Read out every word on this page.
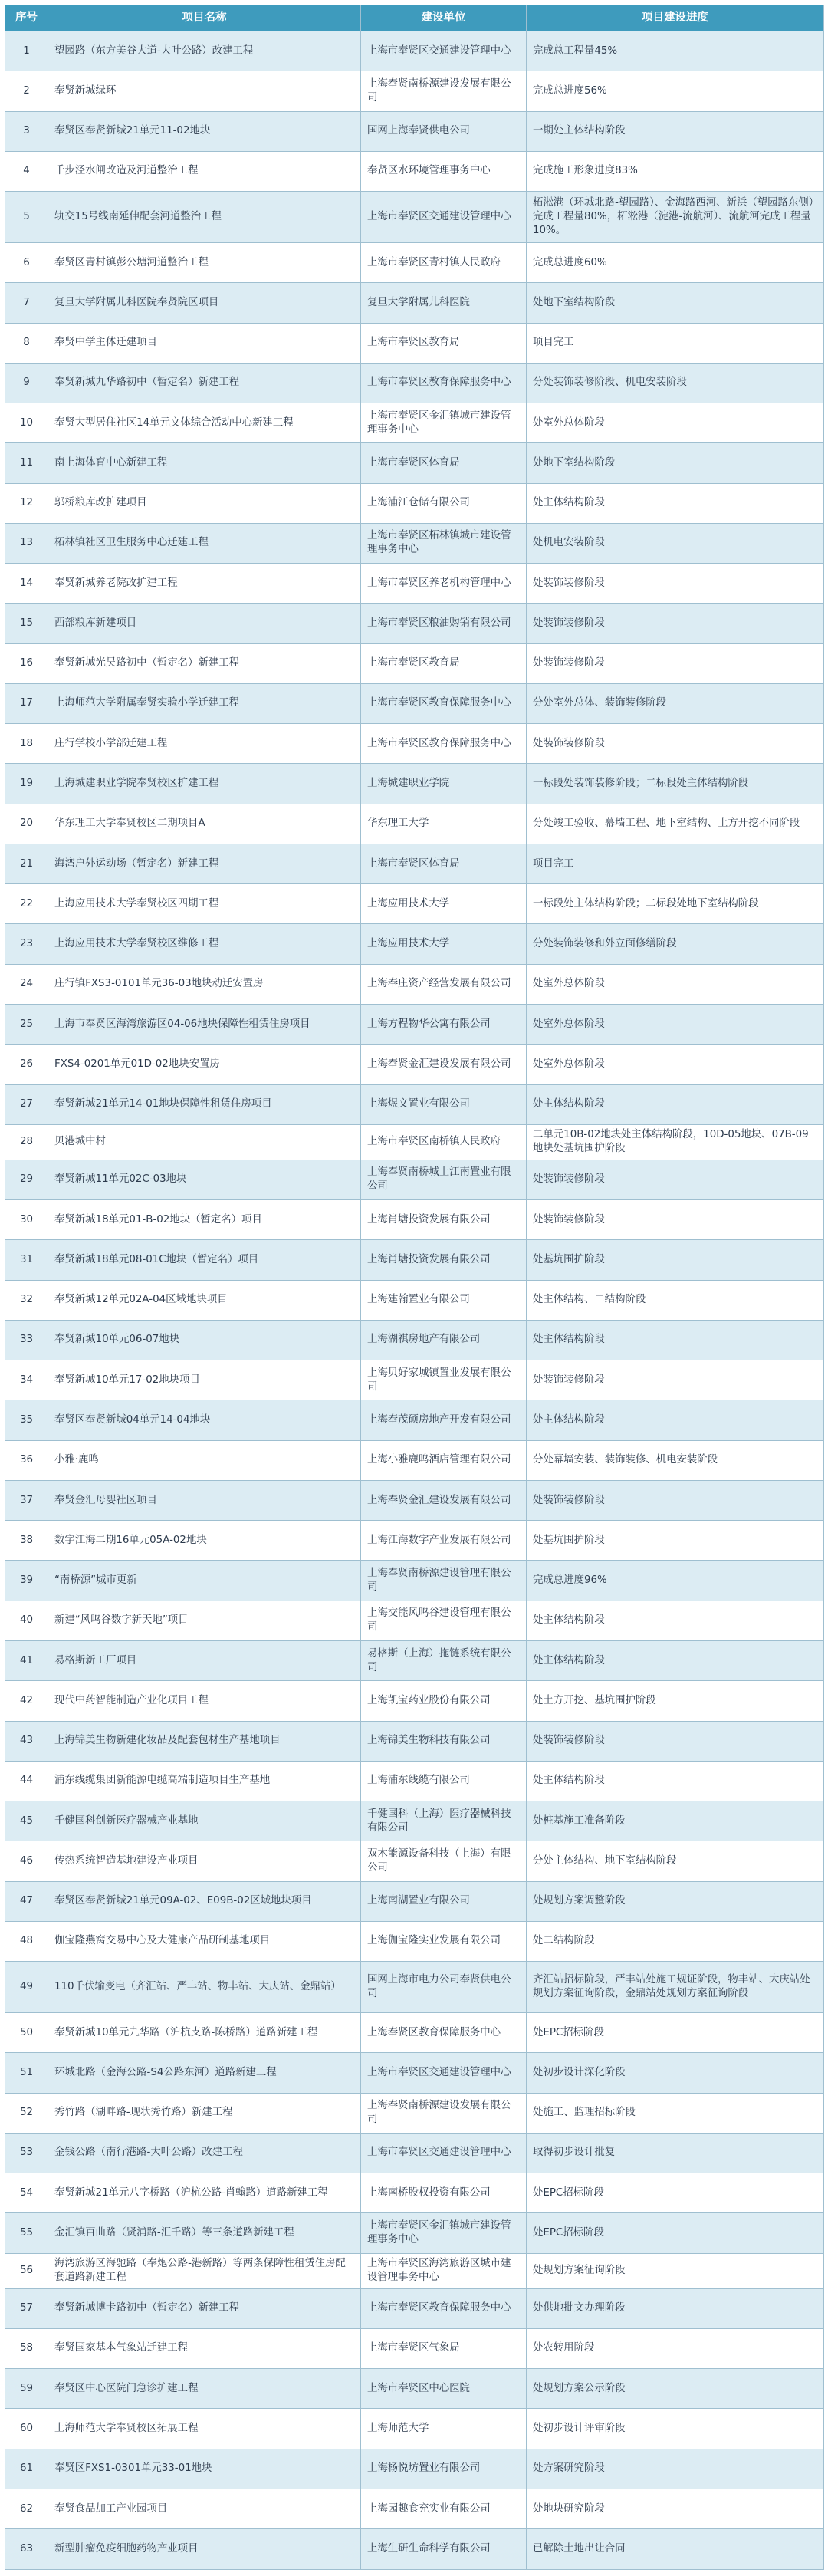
序号	项目名称	建设单位	项目建设进度
1	望园路（东方美谷大道-大叶公路）改建工程	上海市奉贤区交通建设管理中心	完成总工程量45%
2	奉贤新城绿环	上海奉贤南桥源建设发展有限公司	完成总进度56%
3	奉贤区奉贤新城21单元11-02地块	国网上海奉贤供电公司	一期处主体结构阶段
4	千步泾水闸改造及河道整治工程	奉贤区水环境管理事务中心	完成施工形象进度83%
5	轨交15号线南延伸配套河道整治工程	上海市奉贤区交通建设管理中心	柘淞港（环城北路-望园路）、金海路西河、新浜（望园路东侧）完成工程量80%，柘淞港（淀港-流航河）、流航河完成工程量10%。
6	奉贤区青村镇彭公塘河道整治工程	上海市奉贤区青村镇人民政府	完成总进度60%
7	复旦大学附属儿科医院奉贤院区项目	复旦大学附属儿科医院	处地下室结构阶段
8	奉贤中学主体迁建项目	上海市奉贤区教育局	项目完工
9	奉贤新城九华路初中（暂定名）新建工程	上海市奉贤区教育保障服务中心	分处装饰装修阶段、机电安装阶段
10	奉贤大型居住社区14单元文体综合活动中心新建工程	上海市奉贤区金汇镇城市建设管理事务中心	处室外总体阶段
11	南上海体育中心新建工程	上海市奉贤区体育局	处地下室结构阶段
12	邬桥粮库改扩建项目	上海浦江仓储有限公司	处主体结构阶段
13	柘林镇社区卫生服务中心迁建工程	上海市奉贤区柘林镇城市建设管理事务中心	处机电安装阶段
14	奉贤新城养老院改扩建工程	上海市奉贤区养老机构管理中心	处装饰装修阶段
15	西部粮库新建项目	上海市奉贤区粮油购销有限公司	处装饰装修阶段
16	奉贤新城光吴路初中（暂定名）新建工程	上海市奉贤区教育局	处装饰装修阶段
17	上海师范大学附属奉贤实验小学迁建工程	上海市奉贤区教育保障服务中心	分处室外总体、装饰装修阶段
18	庄行学校小学部迁建工程	上海市奉贤区教育保障服务中心	处装饰装修阶段
19	上海城建职业学院奉贤校区扩建工程	上海城建职业学院	一标段处装饰装修阶段；二标段处主体结构阶段
20	华东理工大学奉贤校区二期项目A	华东理工大学	分处竣工验收、幕墙工程、地下室结构、土方开挖不同阶段
21	海湾户外运动场（暂定名）新建工程	上海市奉贤区体育局	项目完工
22	上海应用技术大学奉贤校区四期工程	上海应用技术大学	一标段处主体结构阶段；二标段处地下室结构阶段
23	上海应用技术大学奉贤校区维修工程	上海应用技术大学	分处装饰装修和外立面修缮阶段
24	庄行镇FXS3-0101单元36-03地块动迁安置房	上海奉庄资产经营发展有限公司	处室外总体阶段
25	上海市奉贤区海湾旅游区04-06地块保障性租赁住房项目	上海方程物华公寓有限公司	处室外总体阶段
26	FXS4-0201单元01D-02地块安置房	上海奉贤金汇建设发展有限公司	处室外总体阶段
27	奉贤新城21单元14-01地块保障性租赁住房项目	上海煜文置业有限公司	处主体结构阶段
28	贝港城中村	上海市奉贤区南桥镇人民政府	二单元10B-02地块处主体结构阶段，10D-05地块、07B-09地块处基坑围护阶段
29	奉贤新城11单元02C-03地块	上海奉贤南桥城上江南置业有限公司	处装饰装修阶段
30	奉贤新城18单元01-B-02地块（暂定名）项目	上海肖塘投资发展有限公司	处装饰装修阶段
31	奉贤新城18单元08-01C地块（暂定名）项目	上海肖塘投资发展有限公司	处基坑围护阶段
32	奉贤新城12单元02A-04区域地块项目	上海建翰置业有限公司	处主体结构、二结构阶段
33	奉贤新城10单元06-07地块	上海湖祺房地产有限公司	处主体结构阶段
34	奉贤新城10单元17-02地块项目	上海贝好家城镇置业发展有限公司	处装饰装修阶段
35	奉贤区奉贤新城04单元14-04地块	上海奉茂硕房地产开发有限公司	处主体结构阶段
36	小雅·鹿鸣	上海小雅鹿鸣酒店管理有限公司	分处幕墙安装、装饰装修、机电安装阶段
37	奉贤金汇母婴社区项目	上海奉贤金汇建设发展有限公司	处装饰装修阶段
38	数字江海二期16单元05A-02地块	上海江海数字产业发展有限公司	处基坑围护阶段
39	“南桥源”城市更新	上海奉贤南桥源建设管理有限公司	完成总进度96%
40	新建“风鸣谷数字新天地”项目	上海交能风鸣谷建设管理有限公司	处主体结构阶段
41	易格斯新工厂项目	易格斯（上海）拖链系统有限公司	处主体结构阶段
42	现代中药智能制造产业化项目工程	上海凯宝药业股份有限公司	处土方开挖、基坑围护阶段
43	上海锦美生物新建化妆品及配套包材生产基地项目	上海锦美生物科技有限公司	处装饰装修阶段
44	浦东线缆集团新能源电缆高端制造项目生产基地	上海浦东线缆有限公司	处主体结构阶段
45	千健国科创新医疗器械产业基地	千健国科（上海）医疗器械科技有限公司	处桩基施工准备阶段
46	传热系统智造基地建设产业项目	双木能源设备科技（上海）有限公司	分处主体结构、地下室结构阶段
47	奉贤区奉贤新城21单元09A-02、E09B-02区域地块项目	上海南湖置业有限公司	处规划方案调整阶段
48	伽宝隆燕窝交易中心及大健康产品研制基地项目	上海伽宝隆实业发展有限公司	处二结构阶段
49	110千伏输变电（齐汇站、严丰站、物丰站、大庆站、金鼎站）	国网上海市电力公司奉贤供电公司	齐汇站招标阶段，严丰站处施工规证阶段，物丰站、大庆站处规划方案征询阶段，金鼎站处规划方案征询阶段
50	奉贤新城10单元九华路（沪杭支路-陈桥路）道路新建工程	上海奉贤区教育保障服务中心	处EPC招标阶段
51	环城北路（金海公路-S4公路东河）道路新建工程	上海市奉贤区交通建设管理中心	处初步设计深化阶段
52	秀竹路（湖畔路-现状秀竹路）新建工程	上海奉贤南桥源建设发展有限公司	处施工、监理招标阶段
53	金钱公路（南行港路-大叶公路）改建工程	上海市奉贤区交通建设管理中心	取得初步设计批复
54	奉贤新城21单元八字桥路（沪杭公路-肖翰路）道路新建工程	上海南桥股权投资有限公司	处EPC招标阶段
55	金汇镇百曲路（贤浦路-汇千路）等三条道路新建工程	上海市奉贤区金汇镇城市建设管理事务中心	处EPC招标阶段
56	海湾旅游区海驰路（奉炮公路-港新路）等两条保障性租赁住房配套道路新建工程	上海市奉贤区海湾旅游区城市建设管理事务中心	处规划方案征询阶段
57	奉贤新城博卡路初中（暂定名）新建工程	上海市奉贤区教育保障服务中心	处供地批文办理阶段
58	奉贤国家基本气象站迁建工程	上海市奉贤区气象局	处农转用阶段
59	奉贤区中心医院门急诊扩建工程	上海市奉贤区中心医院	处规划方案公示阶段
60	上海师范大学奉贤校区拓展工程	上海师范大学	处初步设计评审阶段
61	奉贤区FXS1-0301单元33-01地块	上海杨悦坊置业有限公司	处方案研究阶段
62	奉贤食品加工产业园项目	上海园趣食充实业有限公司	处地块研究阶段
63	新型肿瘤免疫细胞药物产业项目	上海生研生命科学有限公司	已解除土地出让合同
